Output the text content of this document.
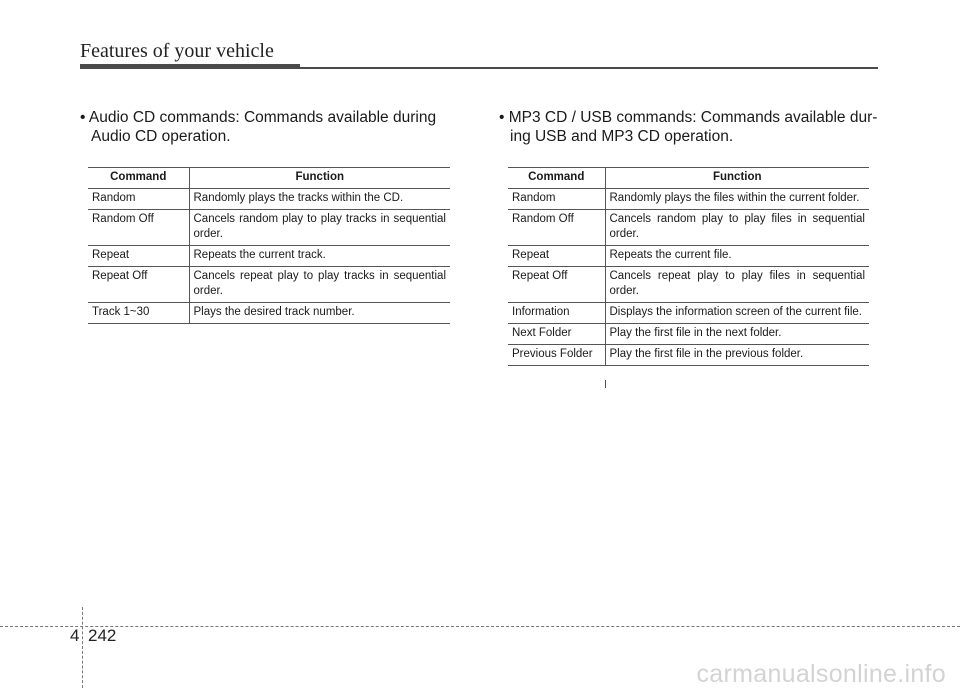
Features of your vehicle
• Audio CD commands: Commands available during
Audio CD operation.
Command	Function
Random	Randomly plays the tracks within the CD.
Random Off	Cancels random play to play tracks in sequential order.
Repeat	Repeats the current track.
Repeat Off	Cancels repeat play to play tracks in sequential order.
Track 1~30	Plays the desired track number.
• MP3 CD / USB commands: Commands available dur-
ing USB and MP3 CD operation.
Command	Function
Random	Randomly plays the files within the current folder.
Random Off	Cancels random play to play files in sequential order.
Repeat	Repeats the current file.
Repeat Off	Cancels repeat play to play files in sequential order.
Information	Displays the information screen of the current file.
Next Folder	Play the first file in the next folder.
Previous Folder	Play the first file in the previous folder.
4 242
carmanualsonline.info
